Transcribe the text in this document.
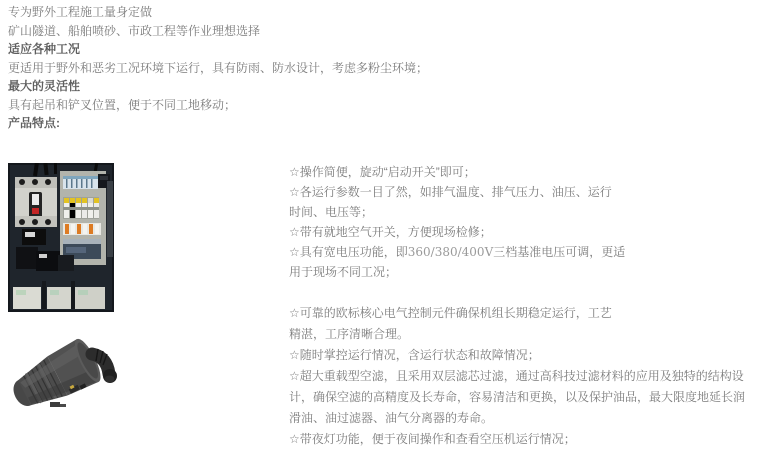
专为野外工程施工量身定做
矿山隧道、船舶喷砂、市政工程等作业理想选择
适应各种工况
更适用于野外和恶劣工况环境下运行，具有防雨、防水设计，考虑多粉尘环境；
最大的灵活性
具有起吊和铲叉位置，便于不同工地移动；
产品特点:
☆操作简便，旋动“启动开关”即可；
☆各运行参数一目了然，如排气温度、排气压力、油压、运行
时间、电压等；
☆带有就地空气开关，方便现场检修；
☆具有宽电压功能，即360/380/400V三档基准电压可调，更适
用于现场不同工况；
☆可靠的欧标核心电气控制元件确保机组长期稳定运行，工艺
精湛，工序清晰合理。
☆随时掌控运行情况，含运行状态和故障情况；
☆超大重载型空滤，且采用双层滤芯过滤，通过高科技过滤材料的应用及独特的结构设
计，确保空滤的高精度及长寿命，容易清洁和更换，以及保护油品，最大限度地延长润
滑油、油过滤器、油气分离器的寿命。
☆带夜灯功能，便于夜间操作和查看空压机运行情况；
